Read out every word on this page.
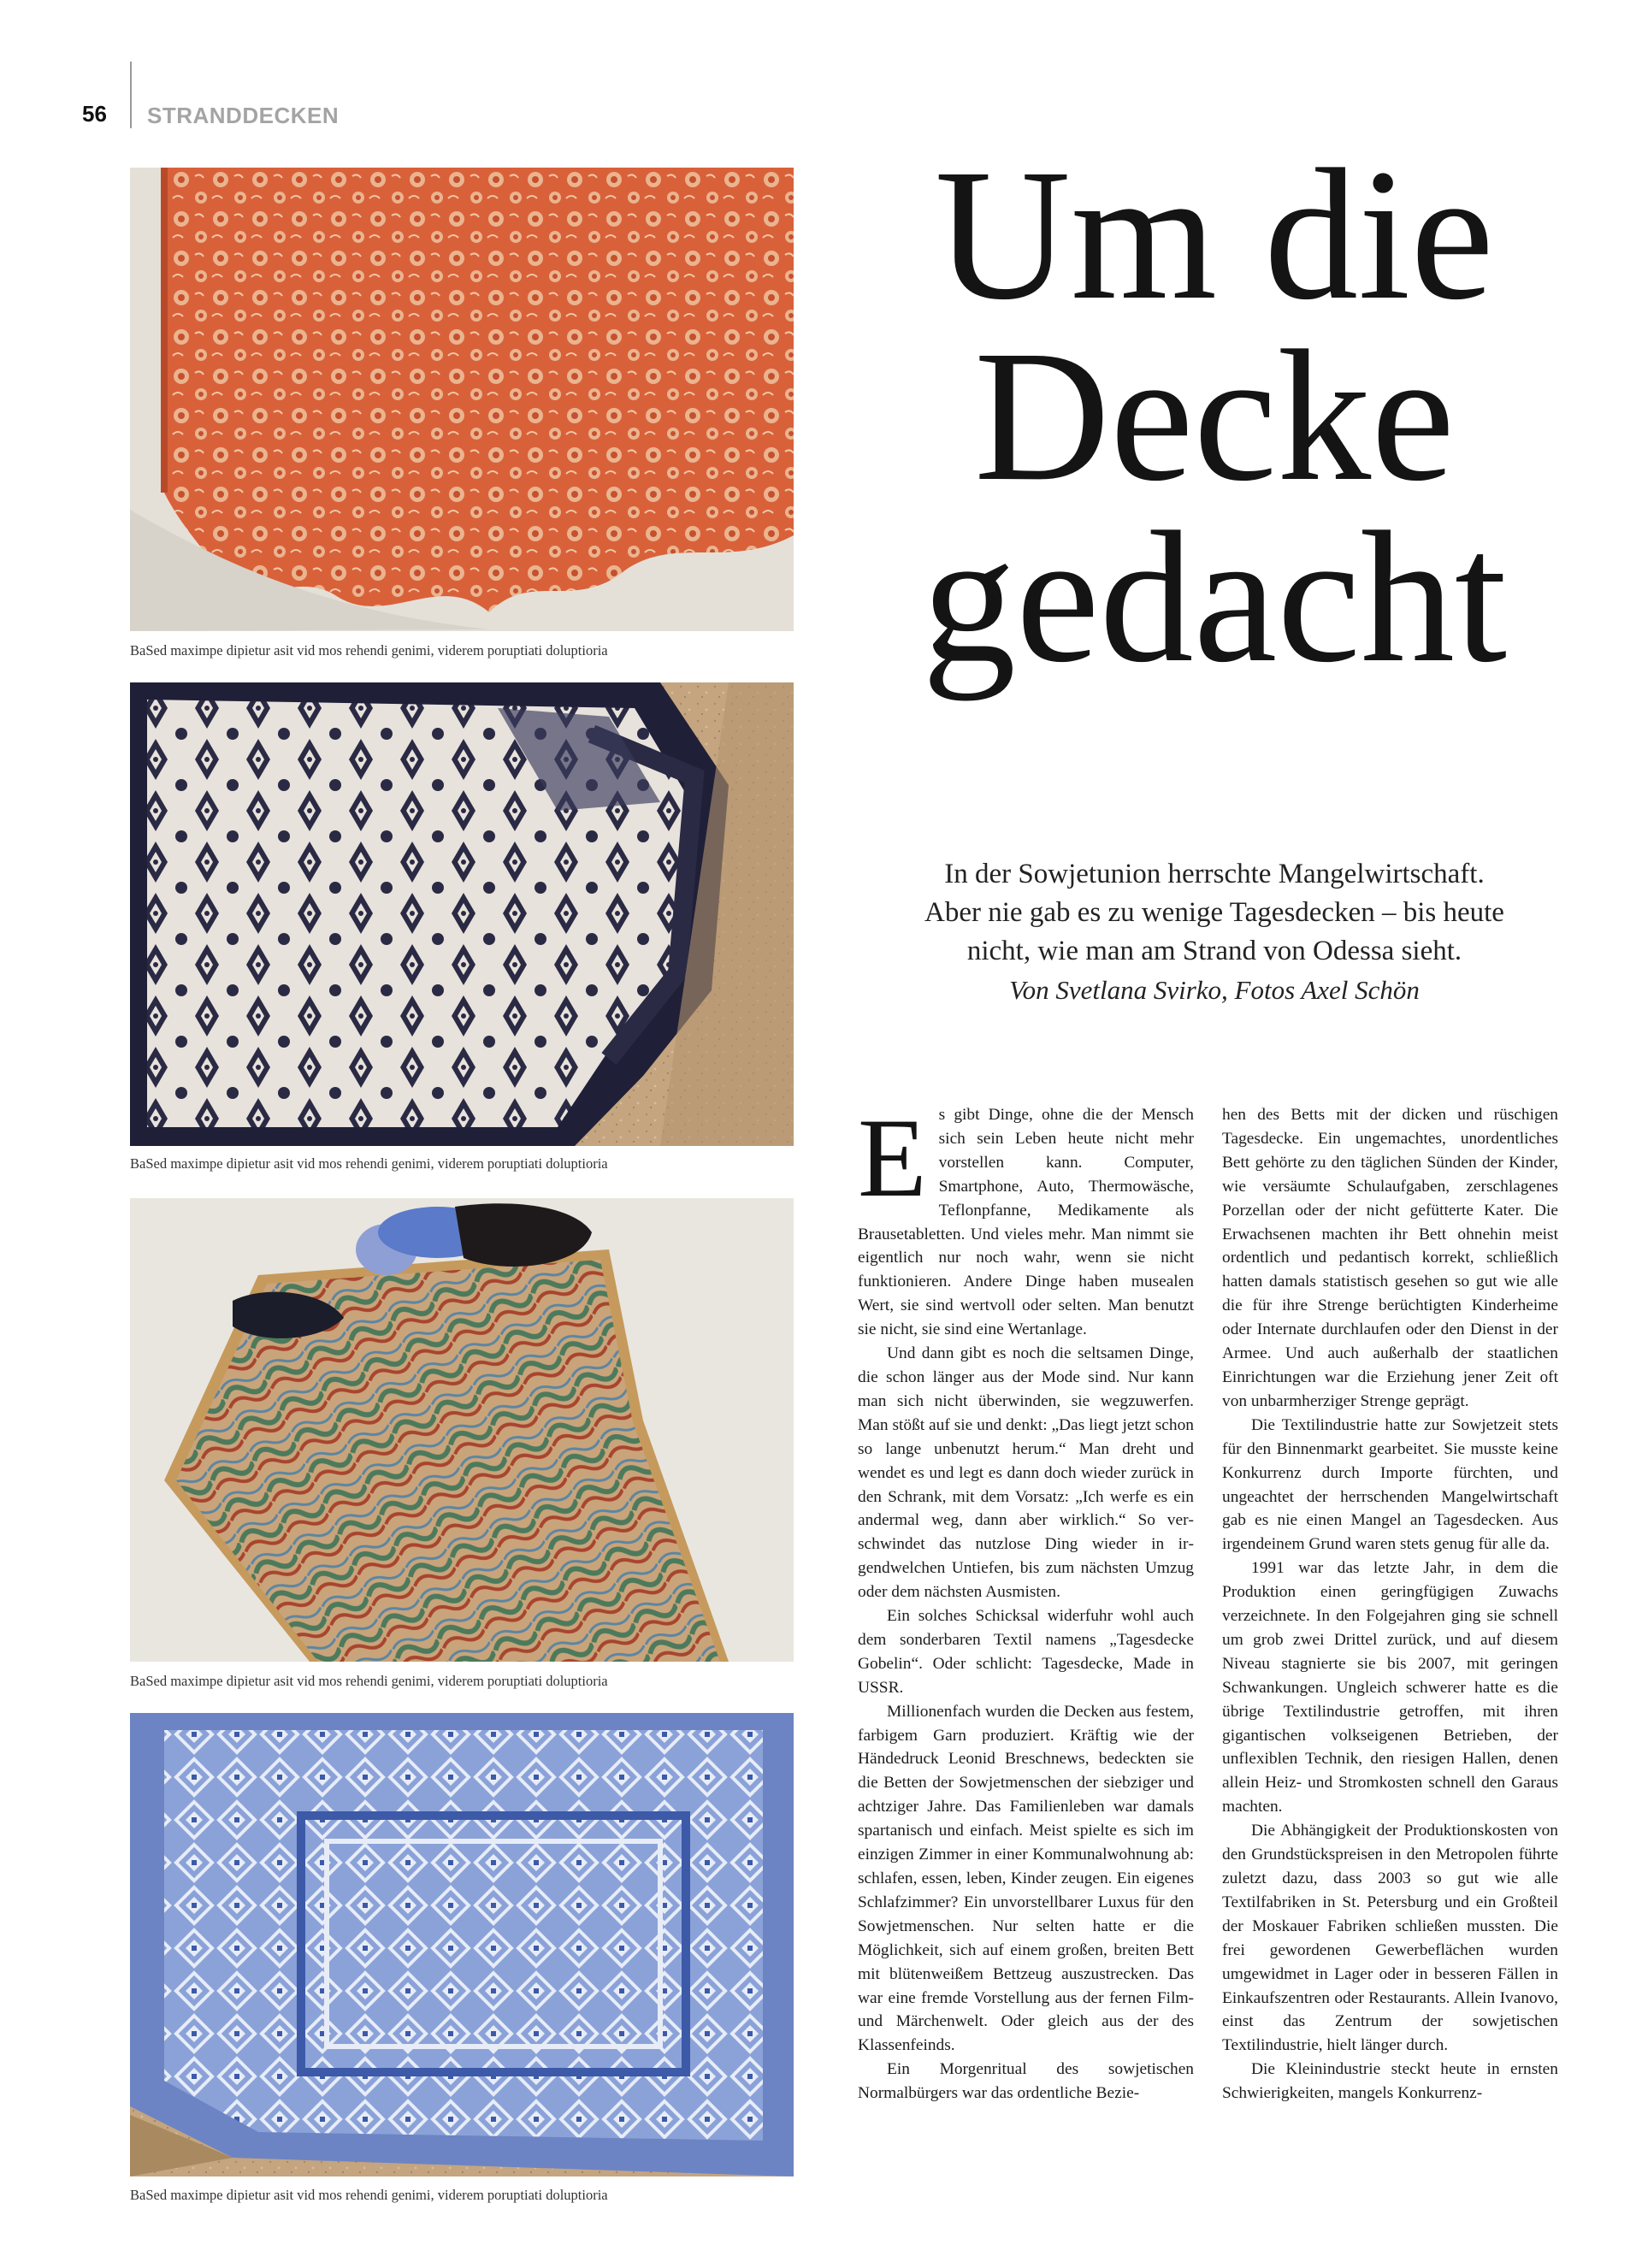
56 STRANDDECKEN
BaSed maximpe dipietur asit vid mos rehendi genimi, viderem poruptiati doluptioria
BaSed maximpe dipietur asit vid mos rehendi genimi, viderem poruptiati doluptioria
BaSed maximpe dipietur asit vid mos rehendi genimi, viderem poruptiati doluptioria
BaSed maximpe dipietur asit vid mos rehendi genimi, viderem poruptiati doluptioria
Um die
Decke
gedacht
In der Sowjetunion herrschte Mangelwirtschaft.
Aber nie gab es zu wenige Tagesdecken – bis heute
nicht, wie man am Strand von Odessa sieht.
Von Svetlana Svirko, Fotos Axel Schön
E s gibt Dinge, ohne die der Mensch sich sein Leben heute nicht mehr vorstellen kann. Computer, Smartphone, Auto, Thermowäsche, Teflonpfanne, Medikamente als Brausetabletten. Und vieles mehr. Man nimmt sie eigentlich nur noch wahr, wenn sie nicht funktionieren. Andere Dinge haben musealen Wert, sie sind wertvoll oder selten. Man benutzt sie nicht, sie sind eine Wertanlage.

Und dann gibt es noch die seltsamen Dinge, die schon länger aus der Mode sind. Nur kann man sich nicht überwinden, sie wegzuwerfen. Man stößt auf sie und denkt: „Das liegt jetzt schon so lange unbenutzt herum.“ Man dreht und wendet es und legt es dann doch wieder zurück in den Schrank, mit dem Vorsatz: „Ich werfe es ein andermal weg, dann aber wirklich.“ So verschwindet das nutzlose Ding wieder in irgendwelchen Untiefen, bis zum nächsten Umzug oder dem nächsten Ausmisten.

Ein solches Schicksal widerfuhr wohl auch dem sonderbaren Textil namens „Tagesdecke Gobelin“. Oder schlicht: Tagesdecke, Made in USSR.

Millionenfach wurden die Decken aus festem, farbigem Garn produziert. Kräftig wie der Händedruck Leonid Breschnews, bedeckten sie die Betten der Sowjetmenschen der siebziger und achtziger Jahre. Das Familienleben war damals spartanisch und einfach. Meist spielte es sich im einzigen Zimmer in einer Kommunalwohnung ab: schlafen, essen, leben, Kinder zeugen. Ein eigenes Schlafzimmer? Ein unvorstellbarer Luxus für den Sowjetmenschen. Nur selten hatte er die Möglichkeit, sich auf einem großen, breiten Bett mit blütenweißem Bettzeug auszustrecken. Das war eine fremde Vorstellung aus der fernen Film- und Märchenwelt. Oder gleich aus der des Klassenfeinds.

Ein Morgenritual des sowjetischen Normalbürgers war das ordentliche Bezie-

hen des Betts mit der dicken und rüschigen Tagesdecke. Ein ungemachtes, unordentliches Bett gehörte zu den täglichen Sünden der Kinder, wie versäumte Schulaufgaben, zerschlagenes Porzellan oder der nicht gefütterte Kater. Die Erwachsenen machten ihr Bett ohnehin meist ordentlich und pedantisch korrekt, schließlich hatten damals statistisch gesehen so gut wie alle die für ihre Strenge berüchtigten Kinderheime oder Internate durchlaufen oder den Dienst in der Armee. Und auch außerhalb der staatlichen Einrichtungen war die Erziehung jener Zeit oft von unbarmherziger Strenge geprägt.

Die Textilindustrie hatte zur Sowjetzeit stets für den Binnenmarkt gearbeitet. Sie musste keine Konkurrenz durch Importe fürchten, und ungeachtet der herrschenden Mangelwirtschaft gab es nie einen Mangel an Tagesdecken. Aus irgendeinem Grund waren stets genug für alle da.

1991 war das letzte Jahr, in dem die Produktion einen geringfügigen Zuwachs verzeichnete. In den Folgejahren ging sie schnell um grob zwei Drittel zurück, und auf diesem Niveau stagnierte sie bis 2007, mit geringen Schwankungen. Ungleich schwerer hatte es die übrige Textilindustrie getroffen, mit ihren gigantischen volkseigenen Betrieben, der unflexiblen Technik, den riesigen Hallen, denen allein Heiz- und Stromkosten schnell den Garaus machten.

Die Abhängigkeit der Produktionskosten von den Grundstückspreisen in den Metropolen führte zuletzt dazu, dass 2003 so gut wie alle Textilfabriken in St. Petersburg und ein Großteil der Moskauer Fabriken schließen mussten. Die frei gewordenen Gewerbeflächen wurden umgewidmet in Lager oder in besseren Fällen in Einkaufszentren oder Restaurants. Allein Ivanovo, einst das Zentrum der sowjetischen Textilindustrie, hielt länger durch.

Die Kleinindustrie steckt heute in ernsten Schwierigkeiten, mangels Konkurrenz-
